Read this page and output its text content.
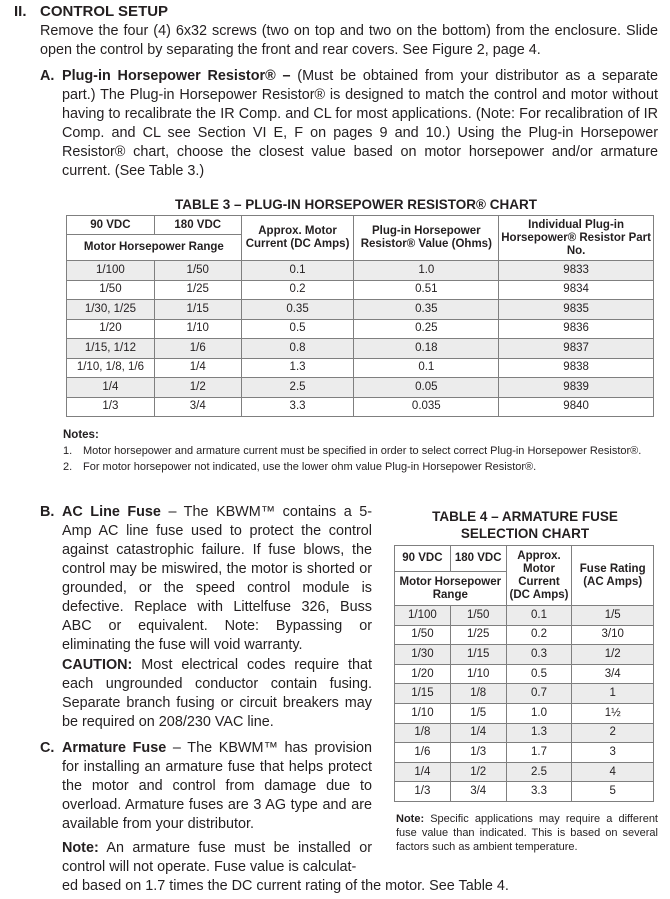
II. CONTROL SETUP
Remove the four (4) 6x32 screws (two on top and two on the bottom) from the enclosure. Slide open the control by separating the front and rear covers. See Figure 2, page 4.
A. Plug-in Horsepower Resistor® – (Must be obtained from your distributor as a separate part.) The Plug-in Horsepower Resistor® is designed to match the control and motor without having to recalibrate the IR Comp. and CL for most applications. (Note: For recalibration of IR Comp. and CL see Section VI E, F on pages 9 and 10.) Using the Plug-in Horsepower Resistor® chart, choose the closest value based on motor horsepower and/or armature current. (See Table 3.)
TABLE 3 – PLUG-IN HORSEPOWER RESISTOR® CHART
90 VDC	180 VDC	Approx. Motor Current (DC Amps)	Plug-in Horsepower Resistor® Value (Ohms)	Individual Plug-in Horsepower® Resistor Part No.
Motor Horsepower Range				
1/100	1/50	0.1	1.0	9833
1/50	1/25	0.2	0.51	9834
1/30, 1/25	1/15	0.35	0.35	9835
1/20	1/10	0.5	0.25	9836
1/15, 1/12	1/6	0.8	0.18	9837
1/10, 1/8, 1/6	1/4	1.3	0.1	9838
1/4	1/2	2.5	0.05	9839
1/3	3/4	3.3	0.035	9840
Notes:
1. Motor horsepower and armature current must be specified in order to select correct Plug-in Horsepower Resistor®.
2. For motor horsepower not indicated, use the lower ohm value Plug-in Horsepower Resistor®.
B. AC Line Fuse – The KBWM™ contains a 5-Amp AC line fuse used to protect the control against catastrophic failure. If fuse blows, the control may be miswired, the motor is shorted or grounded, or the speed control module is defective. Replace with Littelfuse 326, Buss ABC or equivalent. Note: Bypassing or eliminating the fuse will void warranty.
CAUTION: Most electrical codes require that each ungrounded conductor contain fusing. Separate branch fusing or circuit breakers may be required on 208/230 VAC line.
C. Armature Fuse – The KBWM™ has provision for installing an armature fuse that helps protect the motor and control from damage due to overload. Armature fuses are 3 AG type and are available from your distributor.
Note: An armature fuse must be installed or control will not operate. Fuse value is calculat-
ed based on 1.7 times the DC current rating of the motor. See Table 4.
TABLE 4 – ARMATURE FUSE SELECTION CHART
90 VDC	180 VDC	Approx. Motor Current (DC Amps)	Fuse Rating (AC Amps)
Motor Horsepower Range			
1/100	1/50	0.1	1/5
1/50	1/25	0.2	3/10
1/30	1/15	0.3	1/2
1/20	1/10	0.5	3/4
1/15	1/8	0.7	1
1/10	1/5	1.0	1½
1/8	1/4	1.3	2
1/6	1/3	1.7	3
1/4	1/2	2.5	4
1/3	3/4	3.3	5
Note: Specific applications may require a different fuse value than indicated. This is based on several factors such as ambient temperature.
